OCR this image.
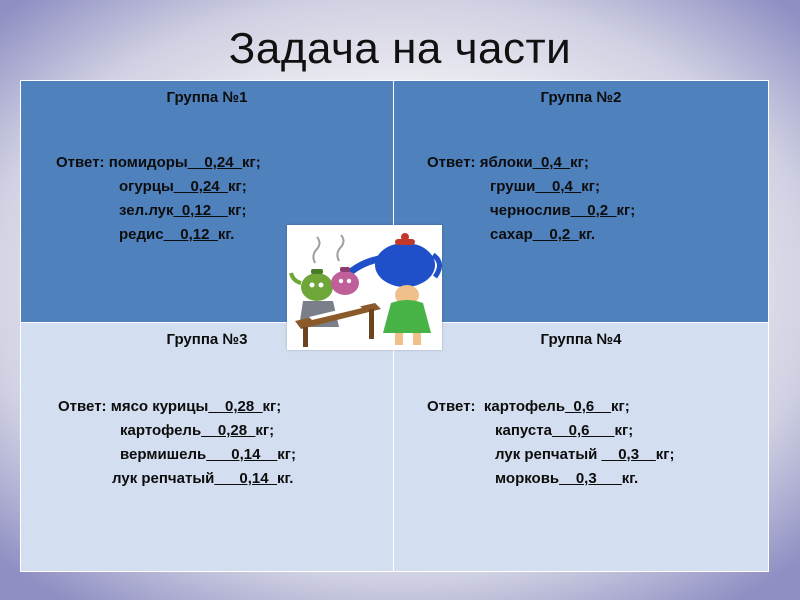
Задача на части
Группа №1

Ответ: помидоры__0,24_кг;

огурцы__0,24_кг;

зел.лук_0,12__кг;

редис__0,12_кг.

Группа №2

Ответ: яблоки_0,4_кг;

груши__0,4_кг;

чернослив__0,2_кг;

сахар__0,2_кг.

Группа №3

Ответ: мясо курицы__0,28_кг;

картофель__0,28_кг;

вермишель___0,14__кг;

лук репчатый___0,14_кг.

Группа №4

Ответ: картофель_0,6__кг;

капуста__0,6___кг;

лук репчатый __0,3__кг;

морковь__0,3___кг.
